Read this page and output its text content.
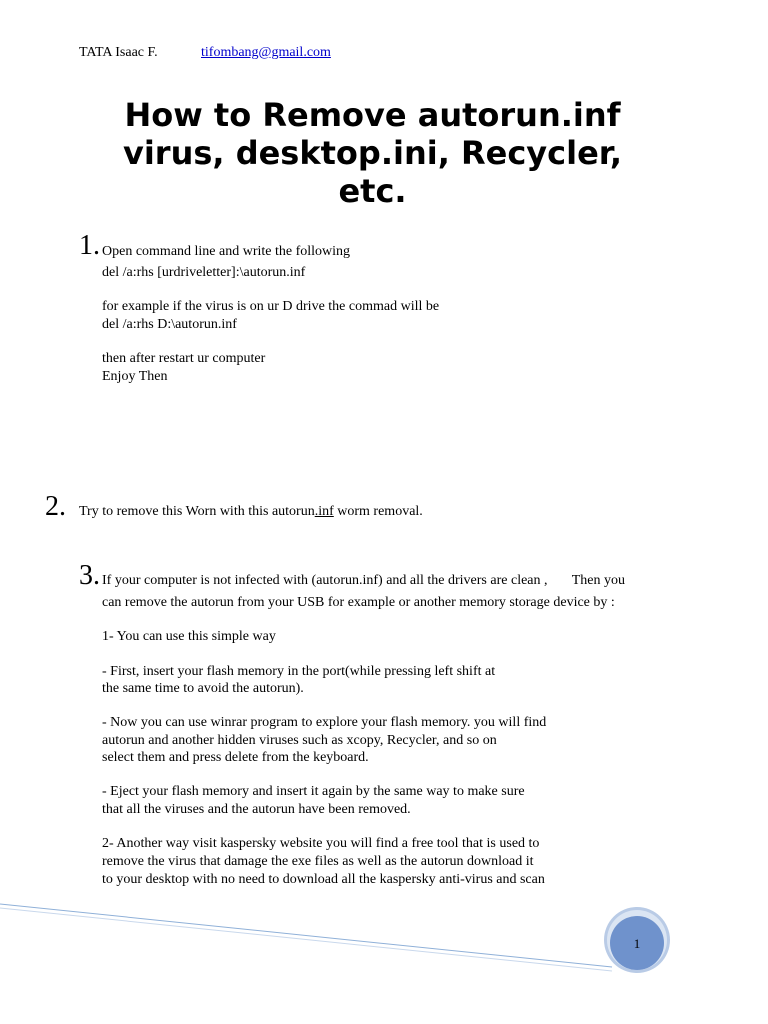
TATA Isaac F.	tifombang@gmail.com
How to Remove autorun.inf virus, desktop.ini, Recycler, etc.
1. Open command line and write the following
del /a:rhs [urdriveletter]:\autorun.inf
for example if the virus is on ur D drive the commad will be
del /a:rhs D:\autorun.inf
then after restart ur computer
Enjoy Then
2. Try to remove this Worn with this autorun.inf worm removal.
3. If your computer is not infected with (autorun.inf) and all the drivers are clean ,       Then you
can remove the autorun from your USB for example or another memory storage device by :
1- You can use this simple way
- First, insert your flash memory in the port(while pressing left shift at
the same time to avoid the autorun).
- Now you can use winrar program to explore your flash memory. you will find
autorun and another hidden viruses such as xcopy, Recycler, and so on
select them and press delete from the keyboard.
- Eject your flash memory and insert it again by the same way to make sure
that all the viruses and the autorun have been removed.
2- Another way visit kaspersky website you will find a free tool that is used to
remove the virus that damage the exe files as well as the autorun download it
to your desktop with no need to download all the kaspersky anti-virus and scan
1
